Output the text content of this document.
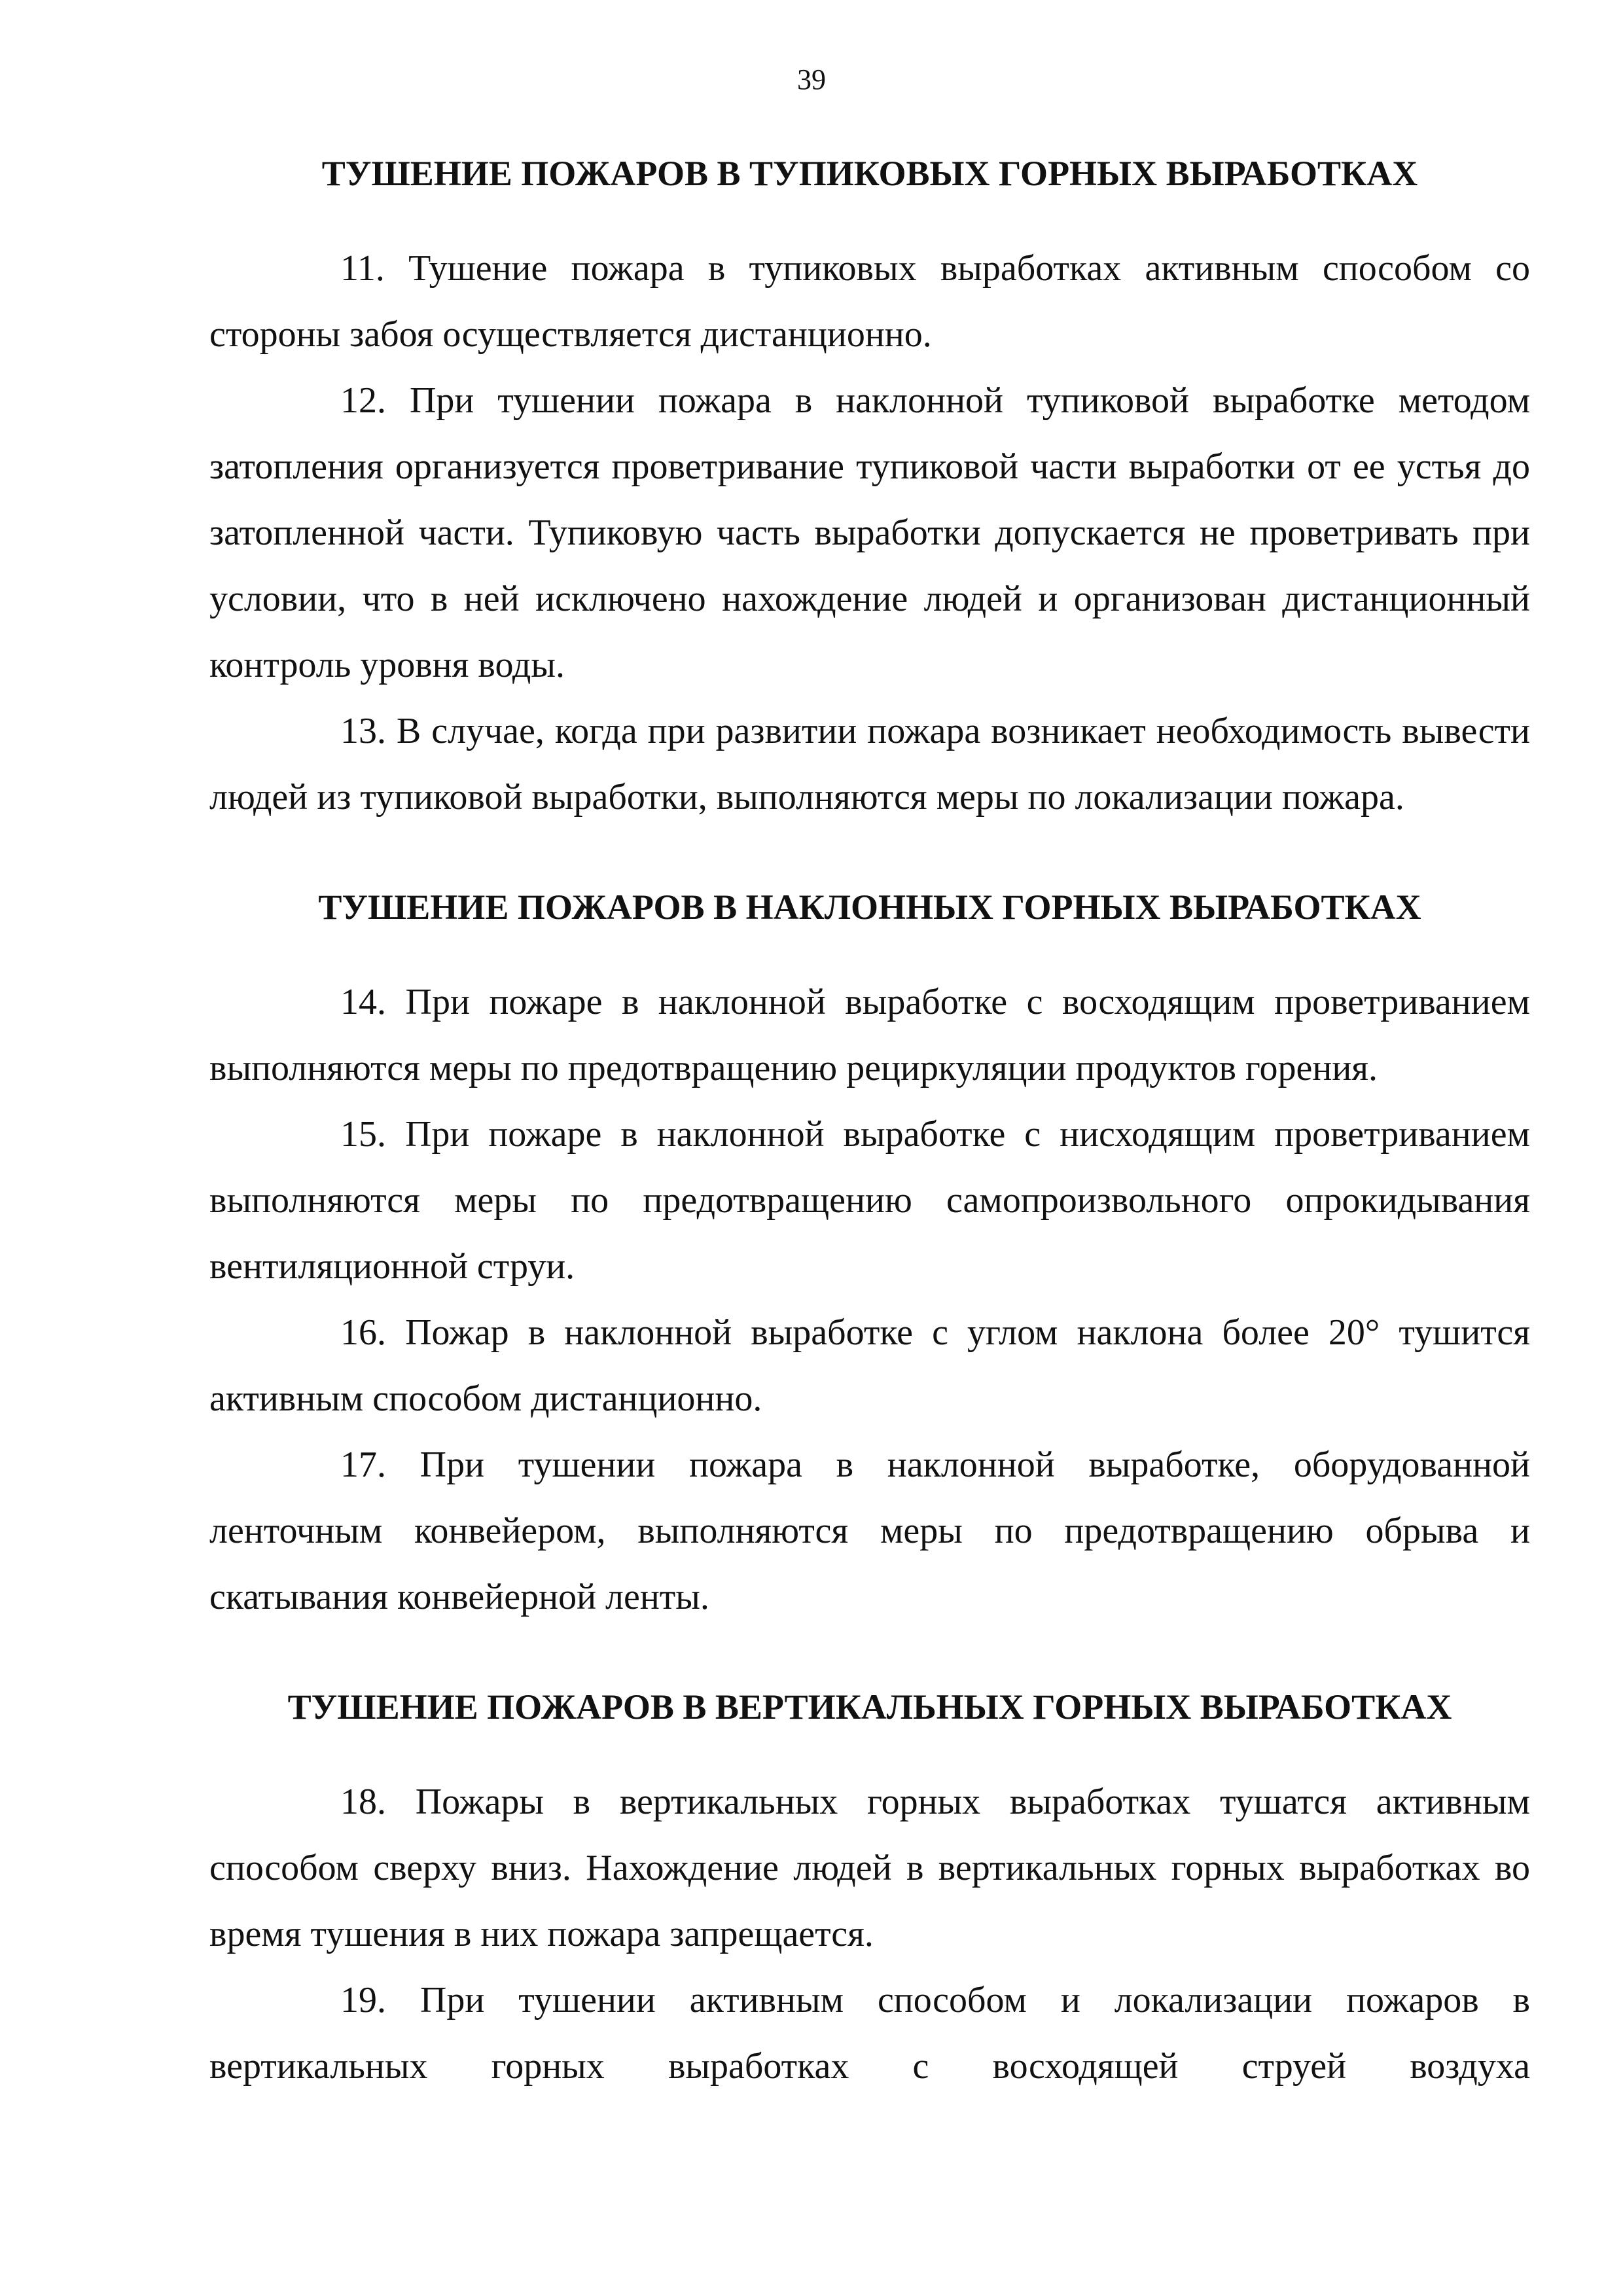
39
ТУШЕНИЕ ПОЖАРОВ В ТУПИКОВЫХ ГОРНЫХ ВЫРАБОТКАХ

11. Тушение пожара в тупиковых выработках активным способом со стороны забоя осуществляется дистанционно.

12. При тушении пожара в наклонной тупиковой выработке методом затопления организуется проветривание тупиковой части выработки от ее устья до затопленной части. Тупиковую часть выработки допускается не проветривать при условии, что в ней исключено нахождение людей и организован дистанционный контроль уровня воды.

13. В случае, когда при развитии пожара возникает необходимость вывести людей из тупиковой выработки, выполняются меры по локализации пожара.

ТУШЕНИЕ ПОЖАРОВ В НАКЛОННЫХ ГОРНЫХ ВЫРАБОТКАХ

14. При пожаре в наклонной выработке с восходящим проветриванием выполняются меры по предотвращению рециркуляции продуктов горения.

15. При пожаре в наклонной выработке с нисходящим проветриванием выполняются меры по предотвращению самопроизвольного опрокидывания вентиляционной струи.

16. Пожар в наклонной выработке с углом наклона более 20° тушится активным способом дистанционно.

17. При тушении пожара в наклонной выработке, оборудованной ленточным конвейером, выполняются меры по предотвращению обрыва и скатывания конвейерной ленты.

ТУШЕНИЕ ПОЖАРОВ В ВЕРТИКАЛЬНЫХ ГОРНЫХ ВЫРАБОТКАХ

18. Пожары в вертикальных горных выработках тушатся активным способом сверху вниз. Нахождение людей в вертикальных горных выработках во время тушения в них пожара запрещается.

19. При тушении активным способом и локализации пожаров в вертикальных горных выработках с восходящей струей воздуха
